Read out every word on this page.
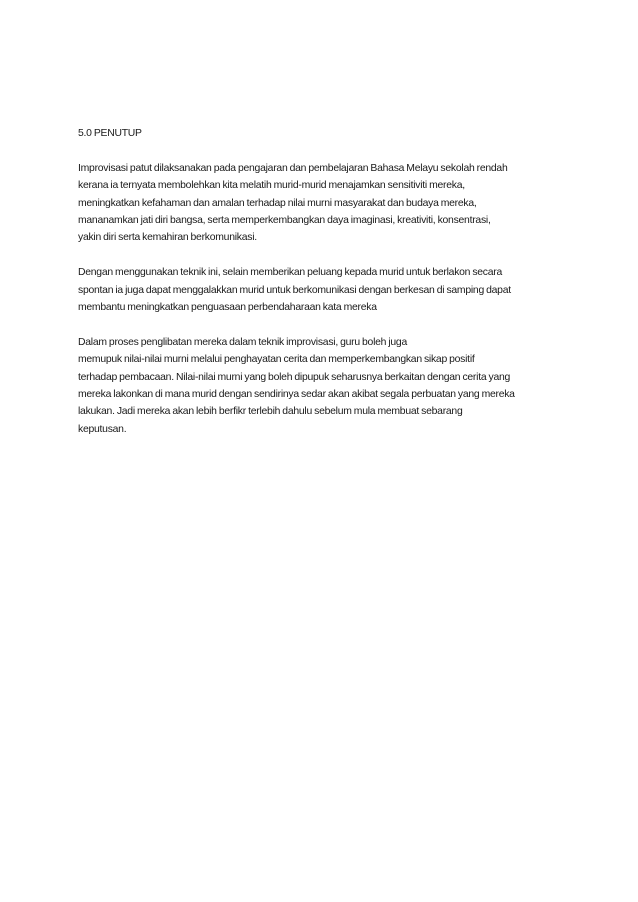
5.0 PENUTUP
Improvisasi patut dilaksanakan pada pengajaran dan pembelajaran Bahasa Melayu sekolah rendah
kerana ia ternyata membolehkan kita melatih murid-murid menajamkan sensitiviti mereka,
meningkatkan kefahaman dan amalan terhadap nilai murni masyarakat dan budaya mereka,
mananamkan jati diri bangsa, serta memperkembangkan daya imaginasi, kreativiti, konsentrasi,
yakin diri serta kemahiran berkomunikasi.
Dengan menggunakan teknik ini, selain memberikan peluang kepada murid untuk berlakon secara
spontan ia juga dapat menggalakkan murid untuk berkomunikasi dengan berkesan di samping dapat
membantu meningkatkan penguasaan perbendaharaan kata mereka
Dalam proses penglibatan mereka dalam teknik improvisasi, guru boleh juga
memupuk nilai-nilai murni melalui penghayatan cerita dan memperkembangkan sikap positif
terhadap pembacaan. Nilai-nilai murni yang boleh dipupuk seharusnya berkaitan dengan cerita yang
mereka lakonkan di mana murid dengan sendirinya sedar akan akibat segala perbuatan yang mereka
lakukan. Jadi mereka akan lebih berfikr terlebih dahulu sebelum mula membuat sebarang
keputusan.
